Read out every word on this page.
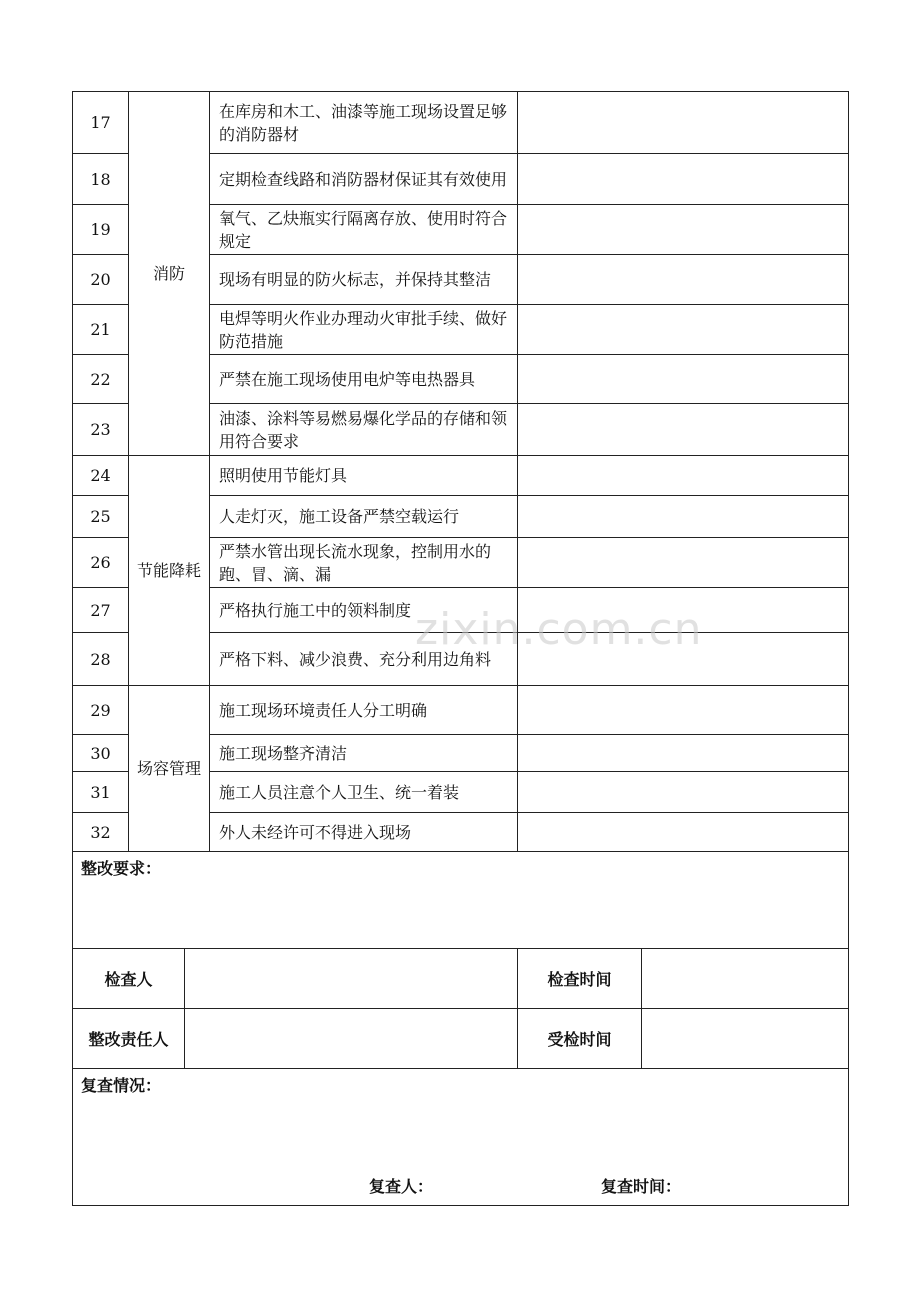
17	消防	在库房和木工、油漆等施工现场设置足够的消防器材	
18		定期检查线路和消防器材保证其有效使用	
19		氧气、乙炔瓶实行隔离存放、使用时符合规定	
20		现场有明显的防火标志，并保持其整洁	
21		电焊等明火作业办理动火审批手续、做好防范措施	
22		严禁在施工现场使用电炉等电热器具	
23		油漆、涂料等易燃易爆化学品的存储和领用符合要求	
24	节能降耗	照明使用节能灯具	
25		人走灯灭，施工设备严禁空载运行	
26		严禁水管出现长流水现象，控制用水的跑、冒、滴、漏	
27		严格执行施工中的领料制度	
28		严格下料、减少浪费、充分利用边角料	
29	场容管理	施工现场环境责任人分工明确	
30		施工现场整齐清洁	
31		施工人员注意个人卫生、统一着装	
32		外人未经许可不得进入现场	
整改要求：			
检查人		检查时间	
整改责任人		受检时间	
复查情况：
复查人： 复查时间：			
zixin.com.cn
